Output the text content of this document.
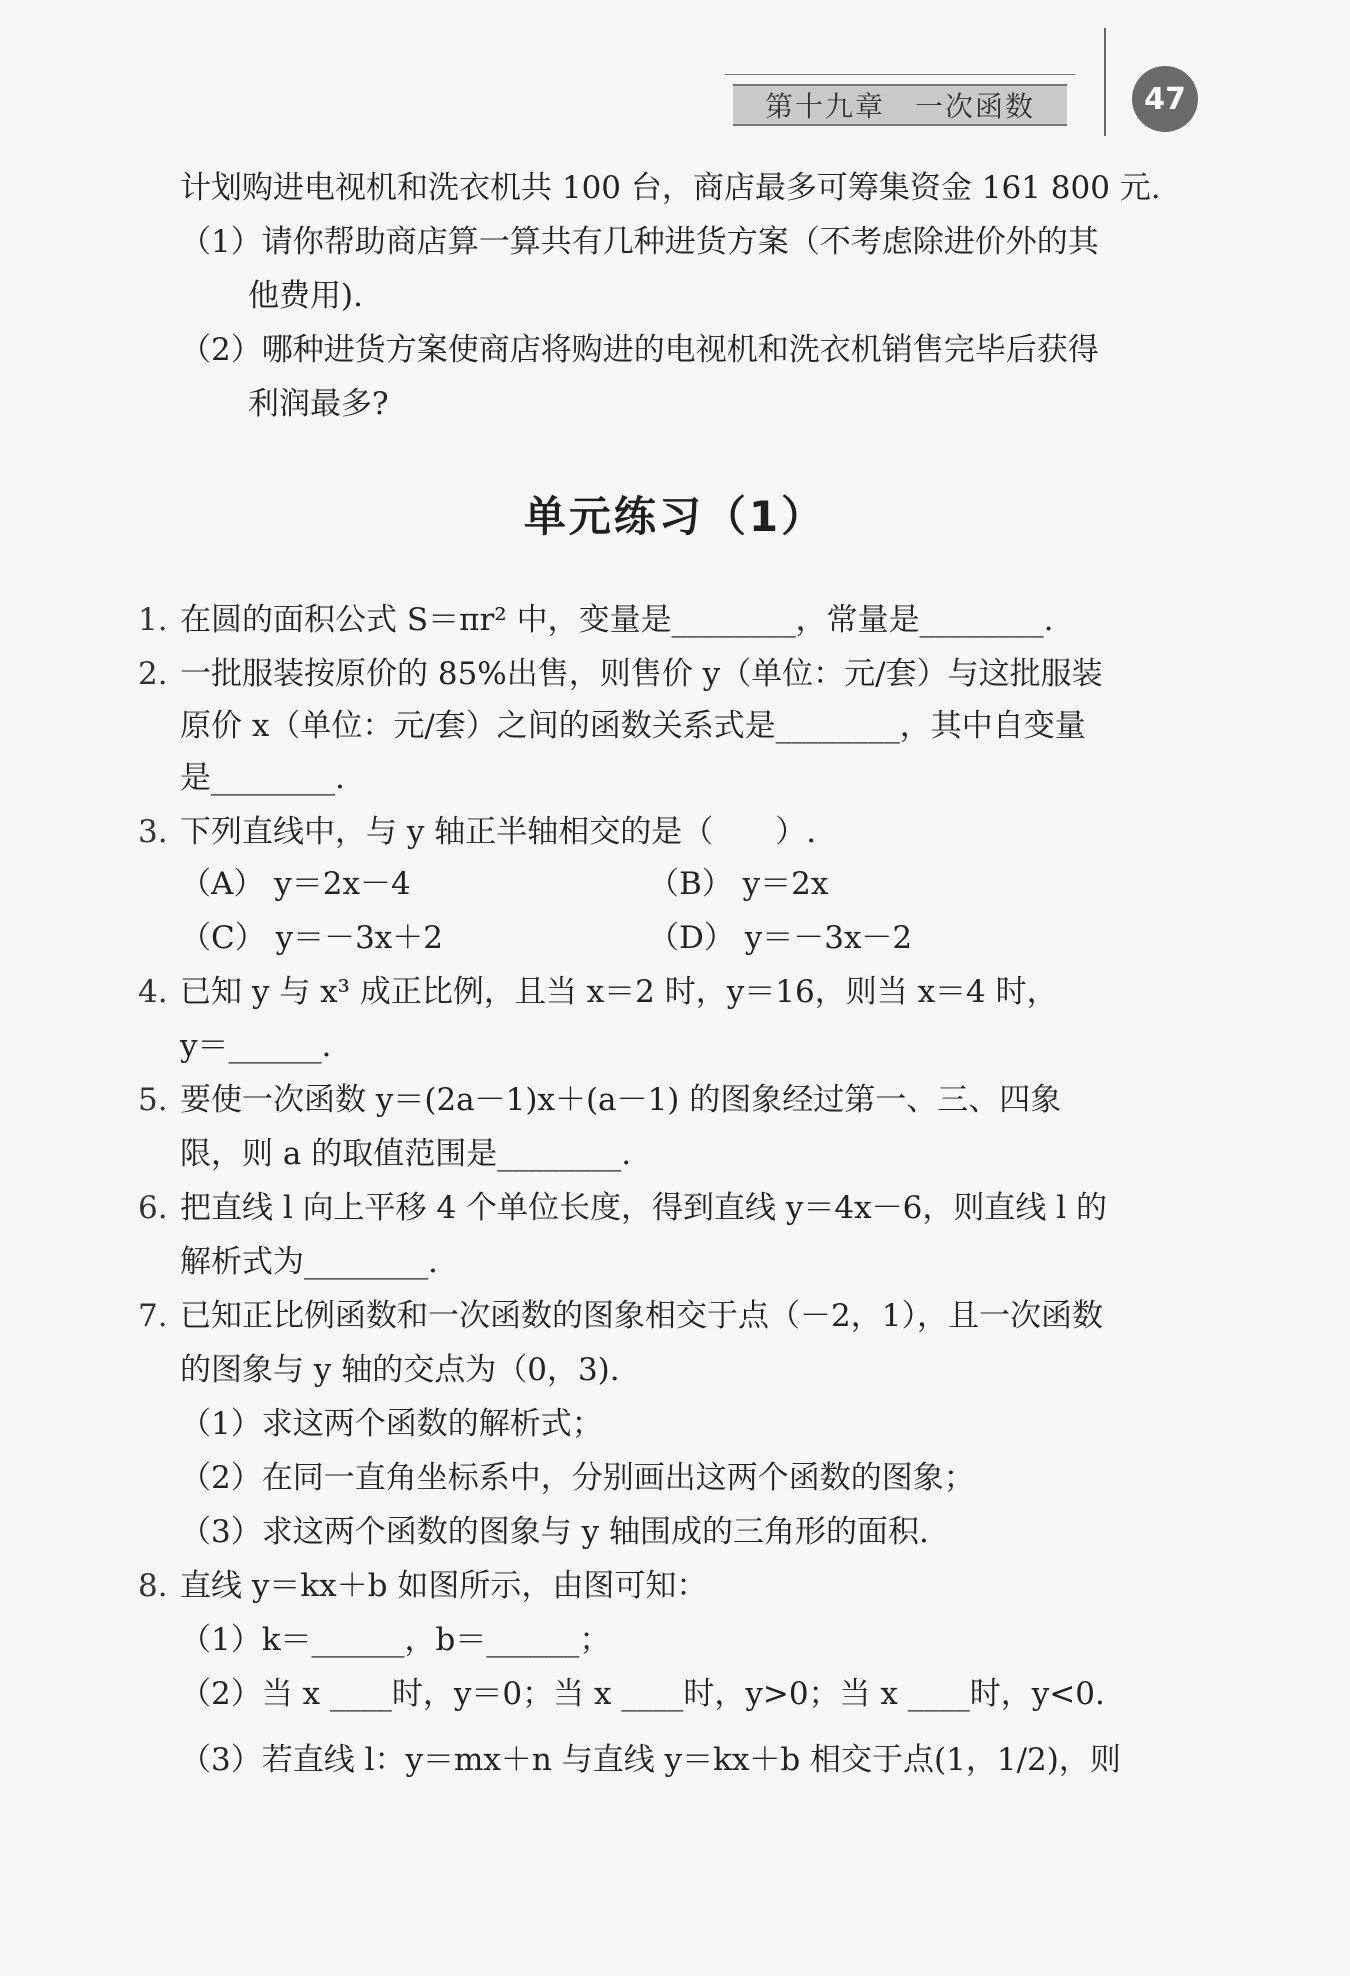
第十九章　一次函数	47
计划购进电视机和洗衣机共 100 台，商店最多可筹集资金 161 800 元.
（1）请你帮助商店算一算共有几种进货方案（不考虑除进价外的其
他费用).
（2）哪种进货方案使商店将购进的电视机和洗衣机销售完毕后获得
利润最多?
单元练习（1）
1. 在圆的面积公式 S＝πr² 中，变量是________，常量是________.
2. 一批服装按原价的 85%出售，则售价 y（单位：元/套）与这批服装
原价 x（单位：元/套）之间的函数关系式是________，其中自变量
是________.
3. 下列直线中，与 y 轴正半轴相交的是（　　）.
（A） y＝2x－4	（B） y＝2x
（C） y＝－3x＋2	（D） y＝－3x－2
4. 已知 y 与 x³ 成正比例，且当 x＝2 时，y＝16，则当 x＝4 时，
y＝______.
5. 要使一次函数 y＝(2a－1)x＋(a－1) 的图象经过第一、三、四象
限，则 a 的取值范围是________.
6. 把直线 l 向上平移 4 个单位长度，得到直线 y＝4x－6，则直线 l 的
解析式为________.
7. 已知正比例函数和一次函数的图象相交于点（－2，1），且一次函数
的图象与 y 轴的交点为（0，3).
（1）求这两个函数的解析式；
（2）在同一直角坐标系中，分别画出这两个函数的图象；
（3）求这两个函数的图象与 y 轴围成的三角形的面积.
8. 直线 y＝kx＋b 如图所示，由图可知：
（1）k＝______，b＝______；
（2）当 x ____时，y＝0；当 x ____时，y>0；当 x ____时，y<0.
（3）若直线 l：y＝mx＋n 与直线 y＝kx＋b 相交于点(1，1/2)，则
